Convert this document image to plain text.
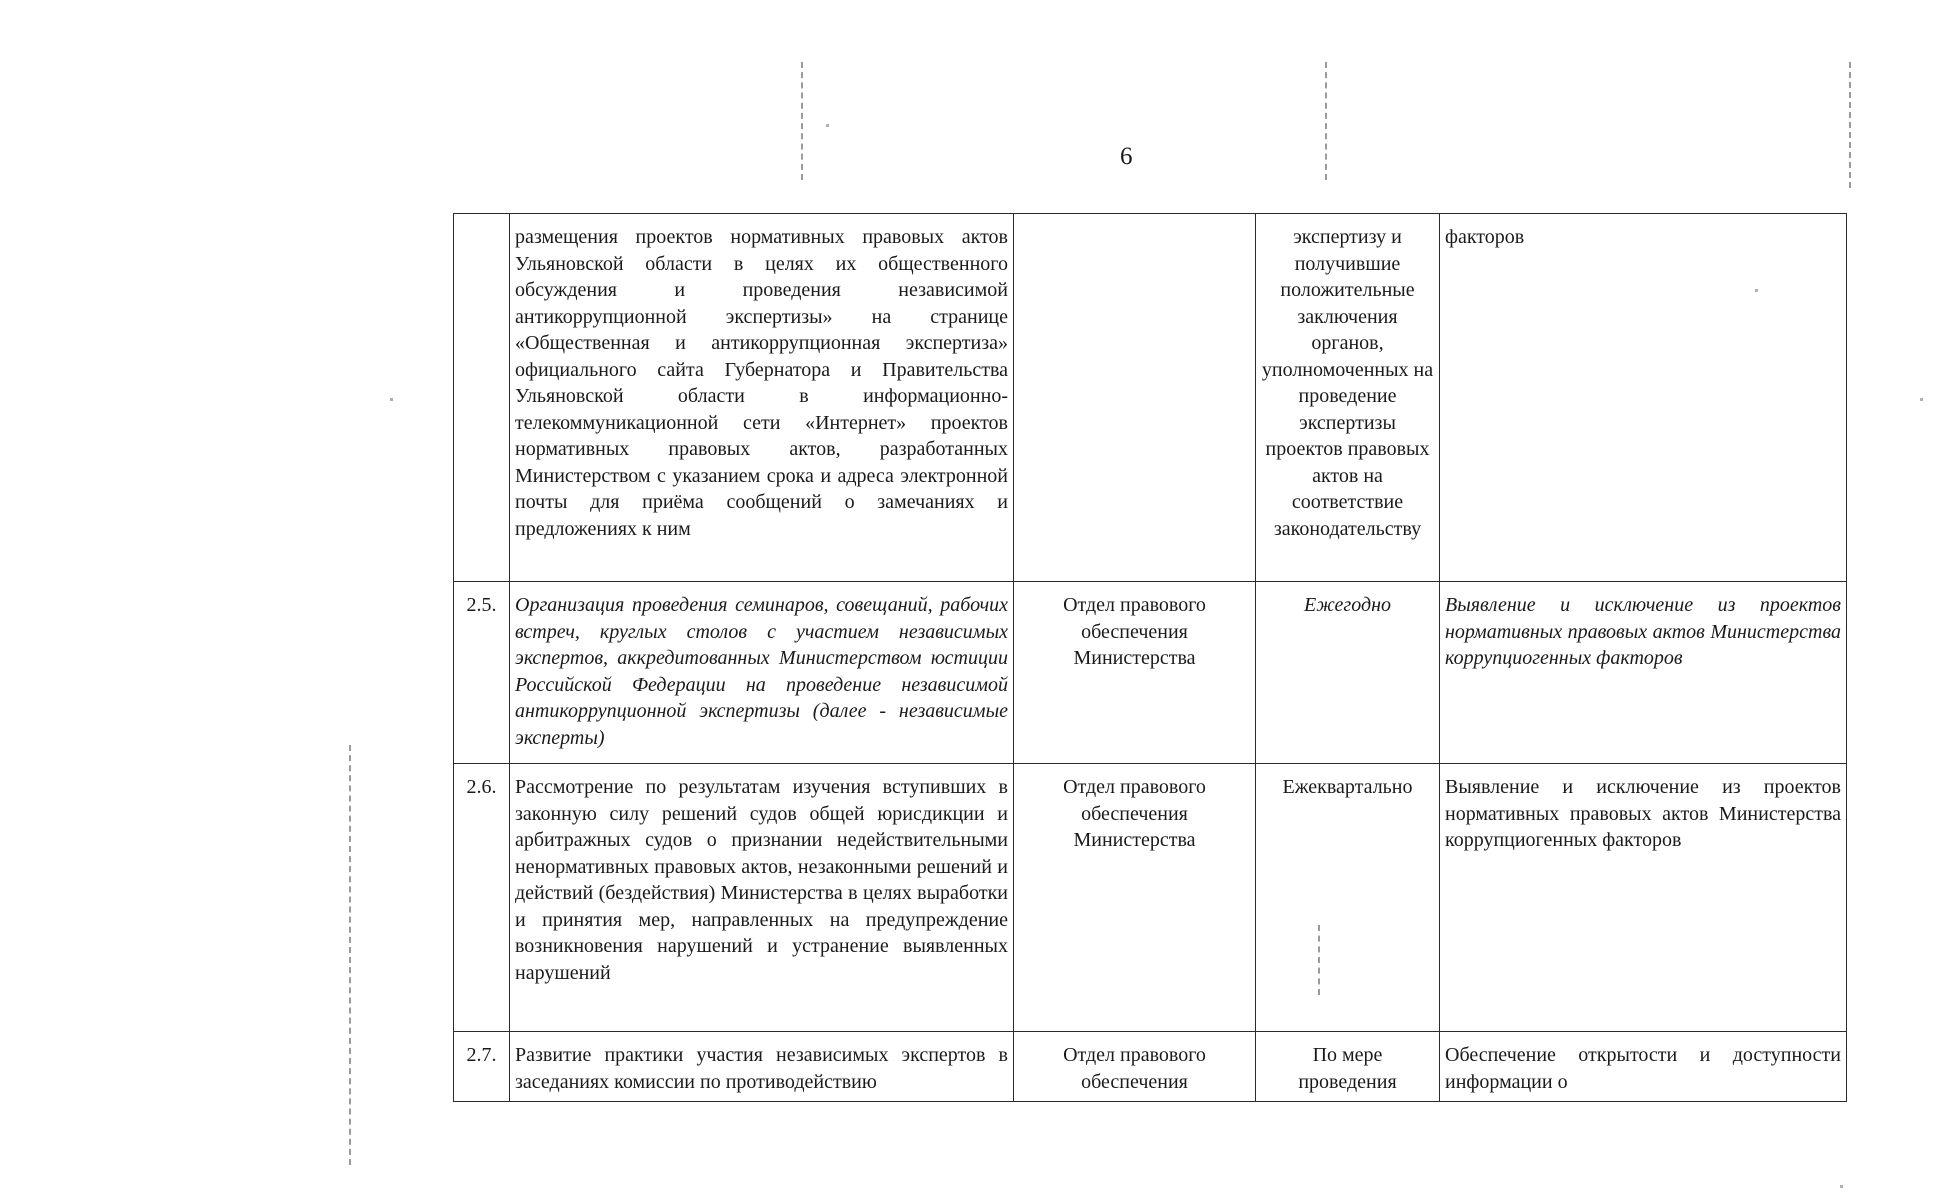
6
	размещения проектов нормативных правовых актов Ульяновской области в целях их общественного обсуждения и проведения независимой антикоррупционной экспертизы» на странице «Общественная и антикоррупционная экспертиза» официального сайта Губернатора и Правительства Ульяновской области в информационно-телекоммуникационной сети «Интернет» проектов нормативных правовых актов, разработанных Министерством с указанием срока и адреса электронной почты для приёма сообщений о замечаниях и предложениях к ним		экспертизу и получившие положительные заключения органов, уполномоченных на проведение экспертизы проектов правовых актов на соответствие законодательству	факторов
2.5.	Организация проведения семинаров, совещаний, рабочих встреч, круглых столов с участием независимых экспертов, аккредитованных Министерством юстиции Российской Федерации на проведение независимой антикоррупционной экспертизы (далее - независимые эксперты)	Отдел правового обеспечения Министерства	Ежегодно	Выявление и исключение из проектов нормативных правовых актов Министерства коррупциогенных факторов
2.6.	Рассмотрение по результатам изучения вступивших в законную силу решений судов общей юрисдикции и арбитражных судов о признании недействительными ненормативных правовых актов, незаконными решений и действий (бездействия) Министерства в целях выработки и принятия мер, направленных на предупреждение возникновения нарушений и устранение выявленных нарушений	Отдел правового обеспечения Министерства	Ежеквартально	Выявление и исключение из проектов нормативных правовых актов Министерства коррупциогенных факторов
2.7.	Развитие практики участия независимых экспертов в заседаниях комиссии по противодействию	Отдел правового обеспечения	По мере проведения	Обеспечение открытости и доступности информации о
